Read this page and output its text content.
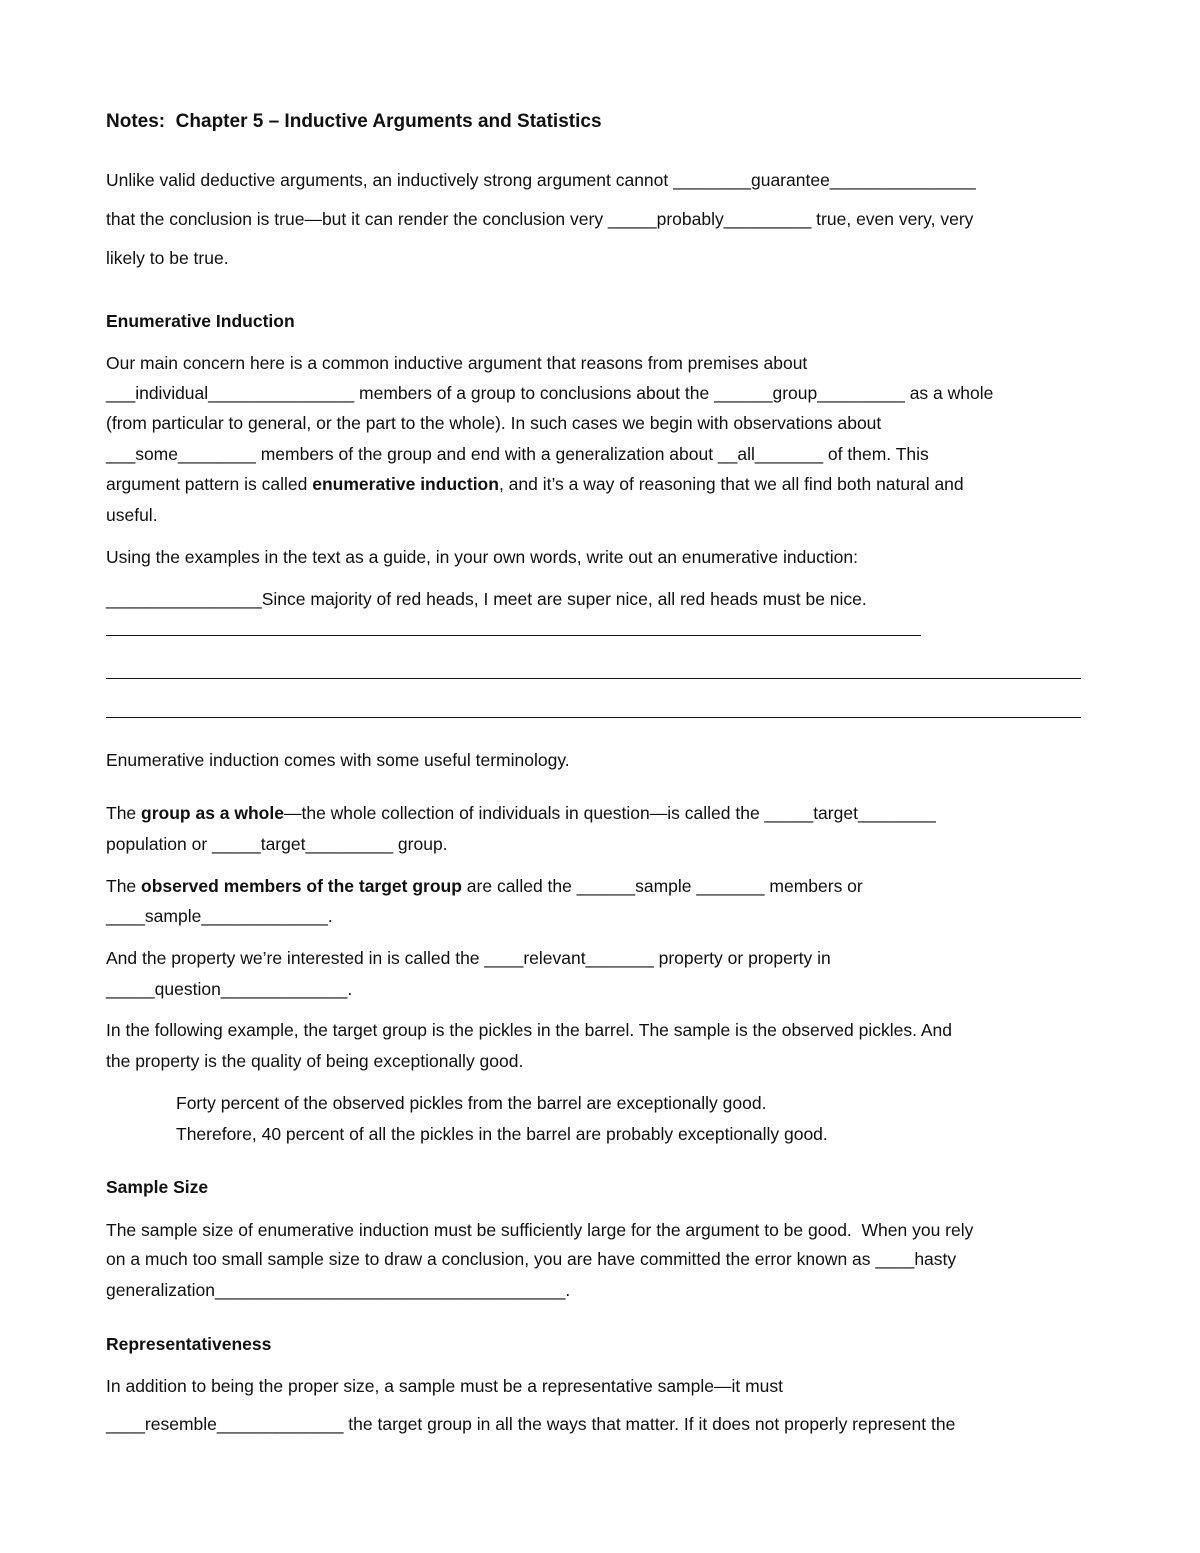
Notes:  Chapter 5 – Inductive Arguments and Statistics
Unlike valid deductive arguments, an inductively strong argument cannot ________guarantee_______________
that the conclusion is true—but it can render the conclusion very _____probably_________ true, even very, very
likely to be true.
Enumerative Induction
Our main concern here is a common inductive argument that reasons from premises about
___individual_______________ members of a group to conclusions about the ______group_________ as a whole
(from particular to general, or the part to the whole). In such cases we begin with observations about
___some________ members of the group and end with a generalization about __all_______ of them. This
argument pattern is called enumerative induction, and it’s a way of reasoning that we all find both natural and
useful.
Using the examples in the text as a guide, in your own words, write out an enumerative induction:
________________Since majority of red heads, I meet are super nice, all red heads must be nice.
Enumerative induction comes with some useful terminology.
The group as a whole—the whole collection of individuals in question—is called the _____target________
population or _____target_________ group.
The observed members of the target group are called the ______sample _______ members or
____sample_____________.
And the property we’re interested in is called the ____relevant_______ property or property in
_____question_____________.
In the following example, the target group is the pickles in the barrel. The sample is the observed pickles. And
the property is the quality of being exceptionally good.
Forty percent of the observed pickles from the barrel are exceptionally good.
Therefore, 40 percent of all the pickles in the barrel are probably exceptionally good.
Sample Size
The sample size of enumerative induction must be sufficiently large for the argument to be good.  When you rely
on a much too small sample size to draw a conclusion, you are have committed the error known as ____hasty
generalization____________________________________.
Representativeness
In addition to being the proper size, a sample must be a representative sample—it must
____resemble_____________ the target group in all the ways that matter. If it does not properly represent the
